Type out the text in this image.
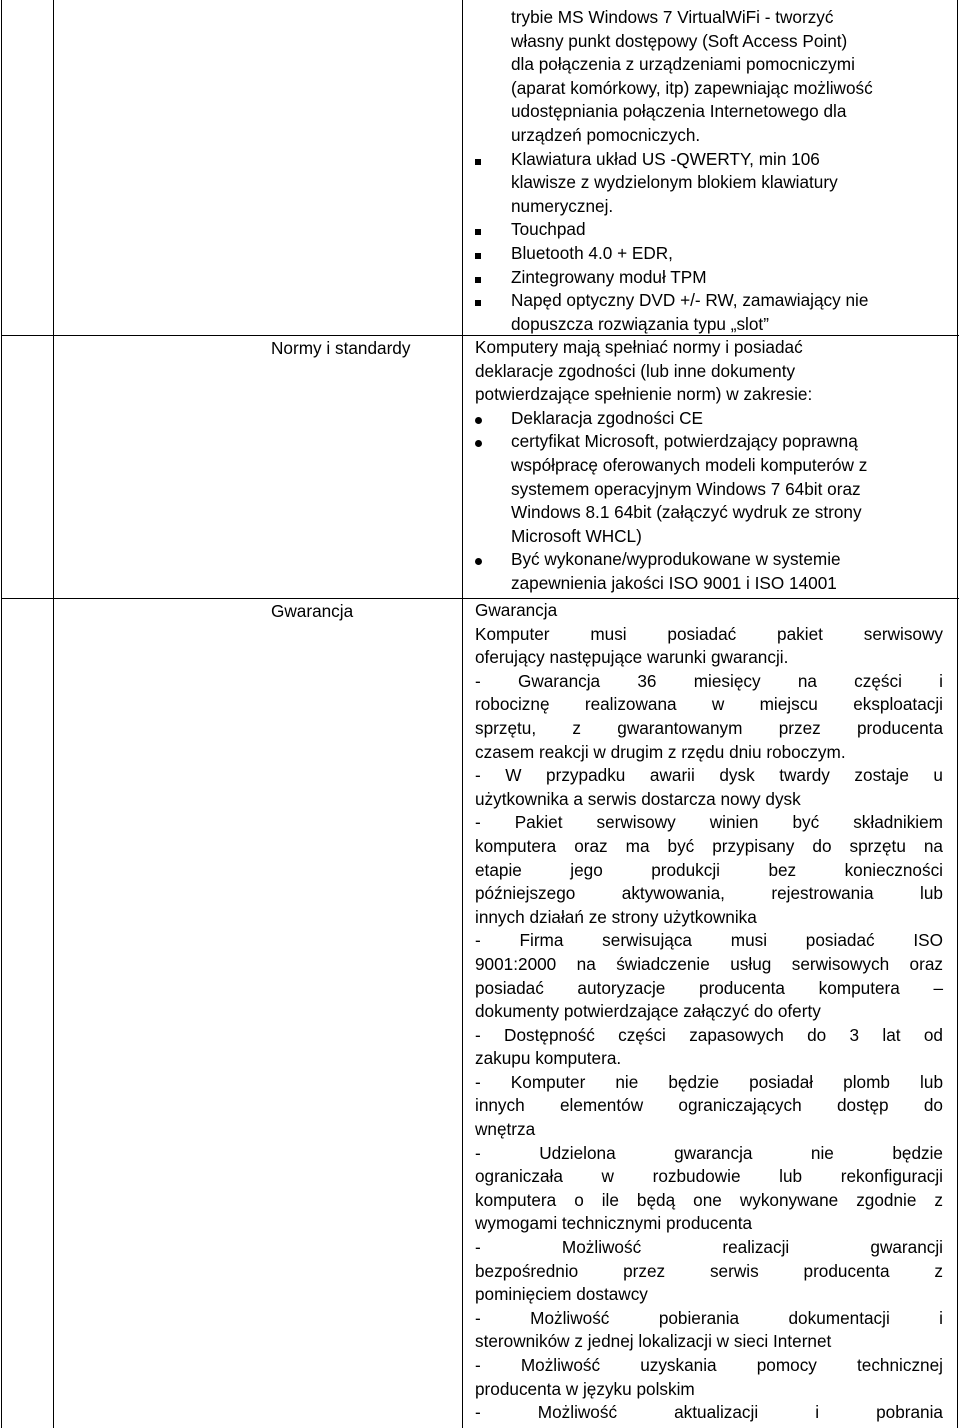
trybie MS Windows 7 VirtualWiFi - tworzyć
własny punkt dostępowy (Soft Access Point)
dla połączenia z urządzeniami pomocniczymi
(aparat komórkowy, itp) zapewniając możliwość
udostępniania połączenia Internetowego dla
urządzeń pomocniczych.
Klawiatura układ US -QWERTY, min 106
klawisze z wydzielonym blokiem klawiatury
numerycznej.
Touchpad
Bluetooth 4.0 + EDR,
Zintegrowany moduł TPM
Napęd optyczny DVD +/- RW, zamawiający nie
dopuszcza rozwiązania typu „slot”
Normy i standardy	Komputery mają spełniać normy i posiadać
deklaracje zgodności (lub inne dokumenty
potwierdzające spełnienie norm) w zakresie:
Deklaracja zgodności CE
certyfikat Microsoft, potwierdzający poprawną
współpracę oferowanych modeli komputerów z
systemem operacyjnym Windows 7 64bit oraz
Windows 8.1 64bit (załączyć wydruk ze strony
Microsoft WHCL)
Być wykonane/wyprodukowane w systemie
zapewnienia jakości ISO 9001 i ISO 14001
Gwarancja	Gwarancja
Komputer musi posiadać pakiet serwisowy
oferujący następujące warunki gwarancji.
- Gwarancja 36 miesięcy na części i
robociznę realizowana w miejscu eksploatacji
sprzętu, z gwarantowanym przez producenta
czasem reakcji w drugim z rzędu dniu roboczym.
- W przypadku awarii dysk twardy zostaje u
użytkownika a serwis dostarcza nowy dysk
- Pakiet serwisowy winien być składnikiem
komputera oraz ma być przypisany do sprzętu na
etapie jego produkcji bez konieczności
późniejszego aktywowania, rejestrowania lub
innych działań ze strony użytkownika
- Firma serwisująca musi posiadać ISO
9001:2000 na świadczenie usług serwisowych oraz
posiadać autoryzacje producenta komputera –
dokumenty potwierdzające załączyć do oferty
- Dostępność części zapasowych do 3 lat od
zakupu komputera.
- Komputer nie będzie posiadał plomb lub
innych elementów ograniczających dostęp do
wnętrza
- Udzielona gwarancja nie będzie
ograniczała w rozbudowie lub rekonfiguracji
komputera o ile będą one wykonywane zgodnie z
wymogami technicznymi producenta
- Możliwość realizacji gwarancji
bezpośrednio przez serwis producenta z
pominięciem dostawcy
- Możliwość pobierania dokumentacji i
sterowników z jednej lokalizacji w sieci Internet
- Możliwość uzyskania pomocy technicznej
producenta w języku polskim
- Możliwość aktualizacji i pobrania
